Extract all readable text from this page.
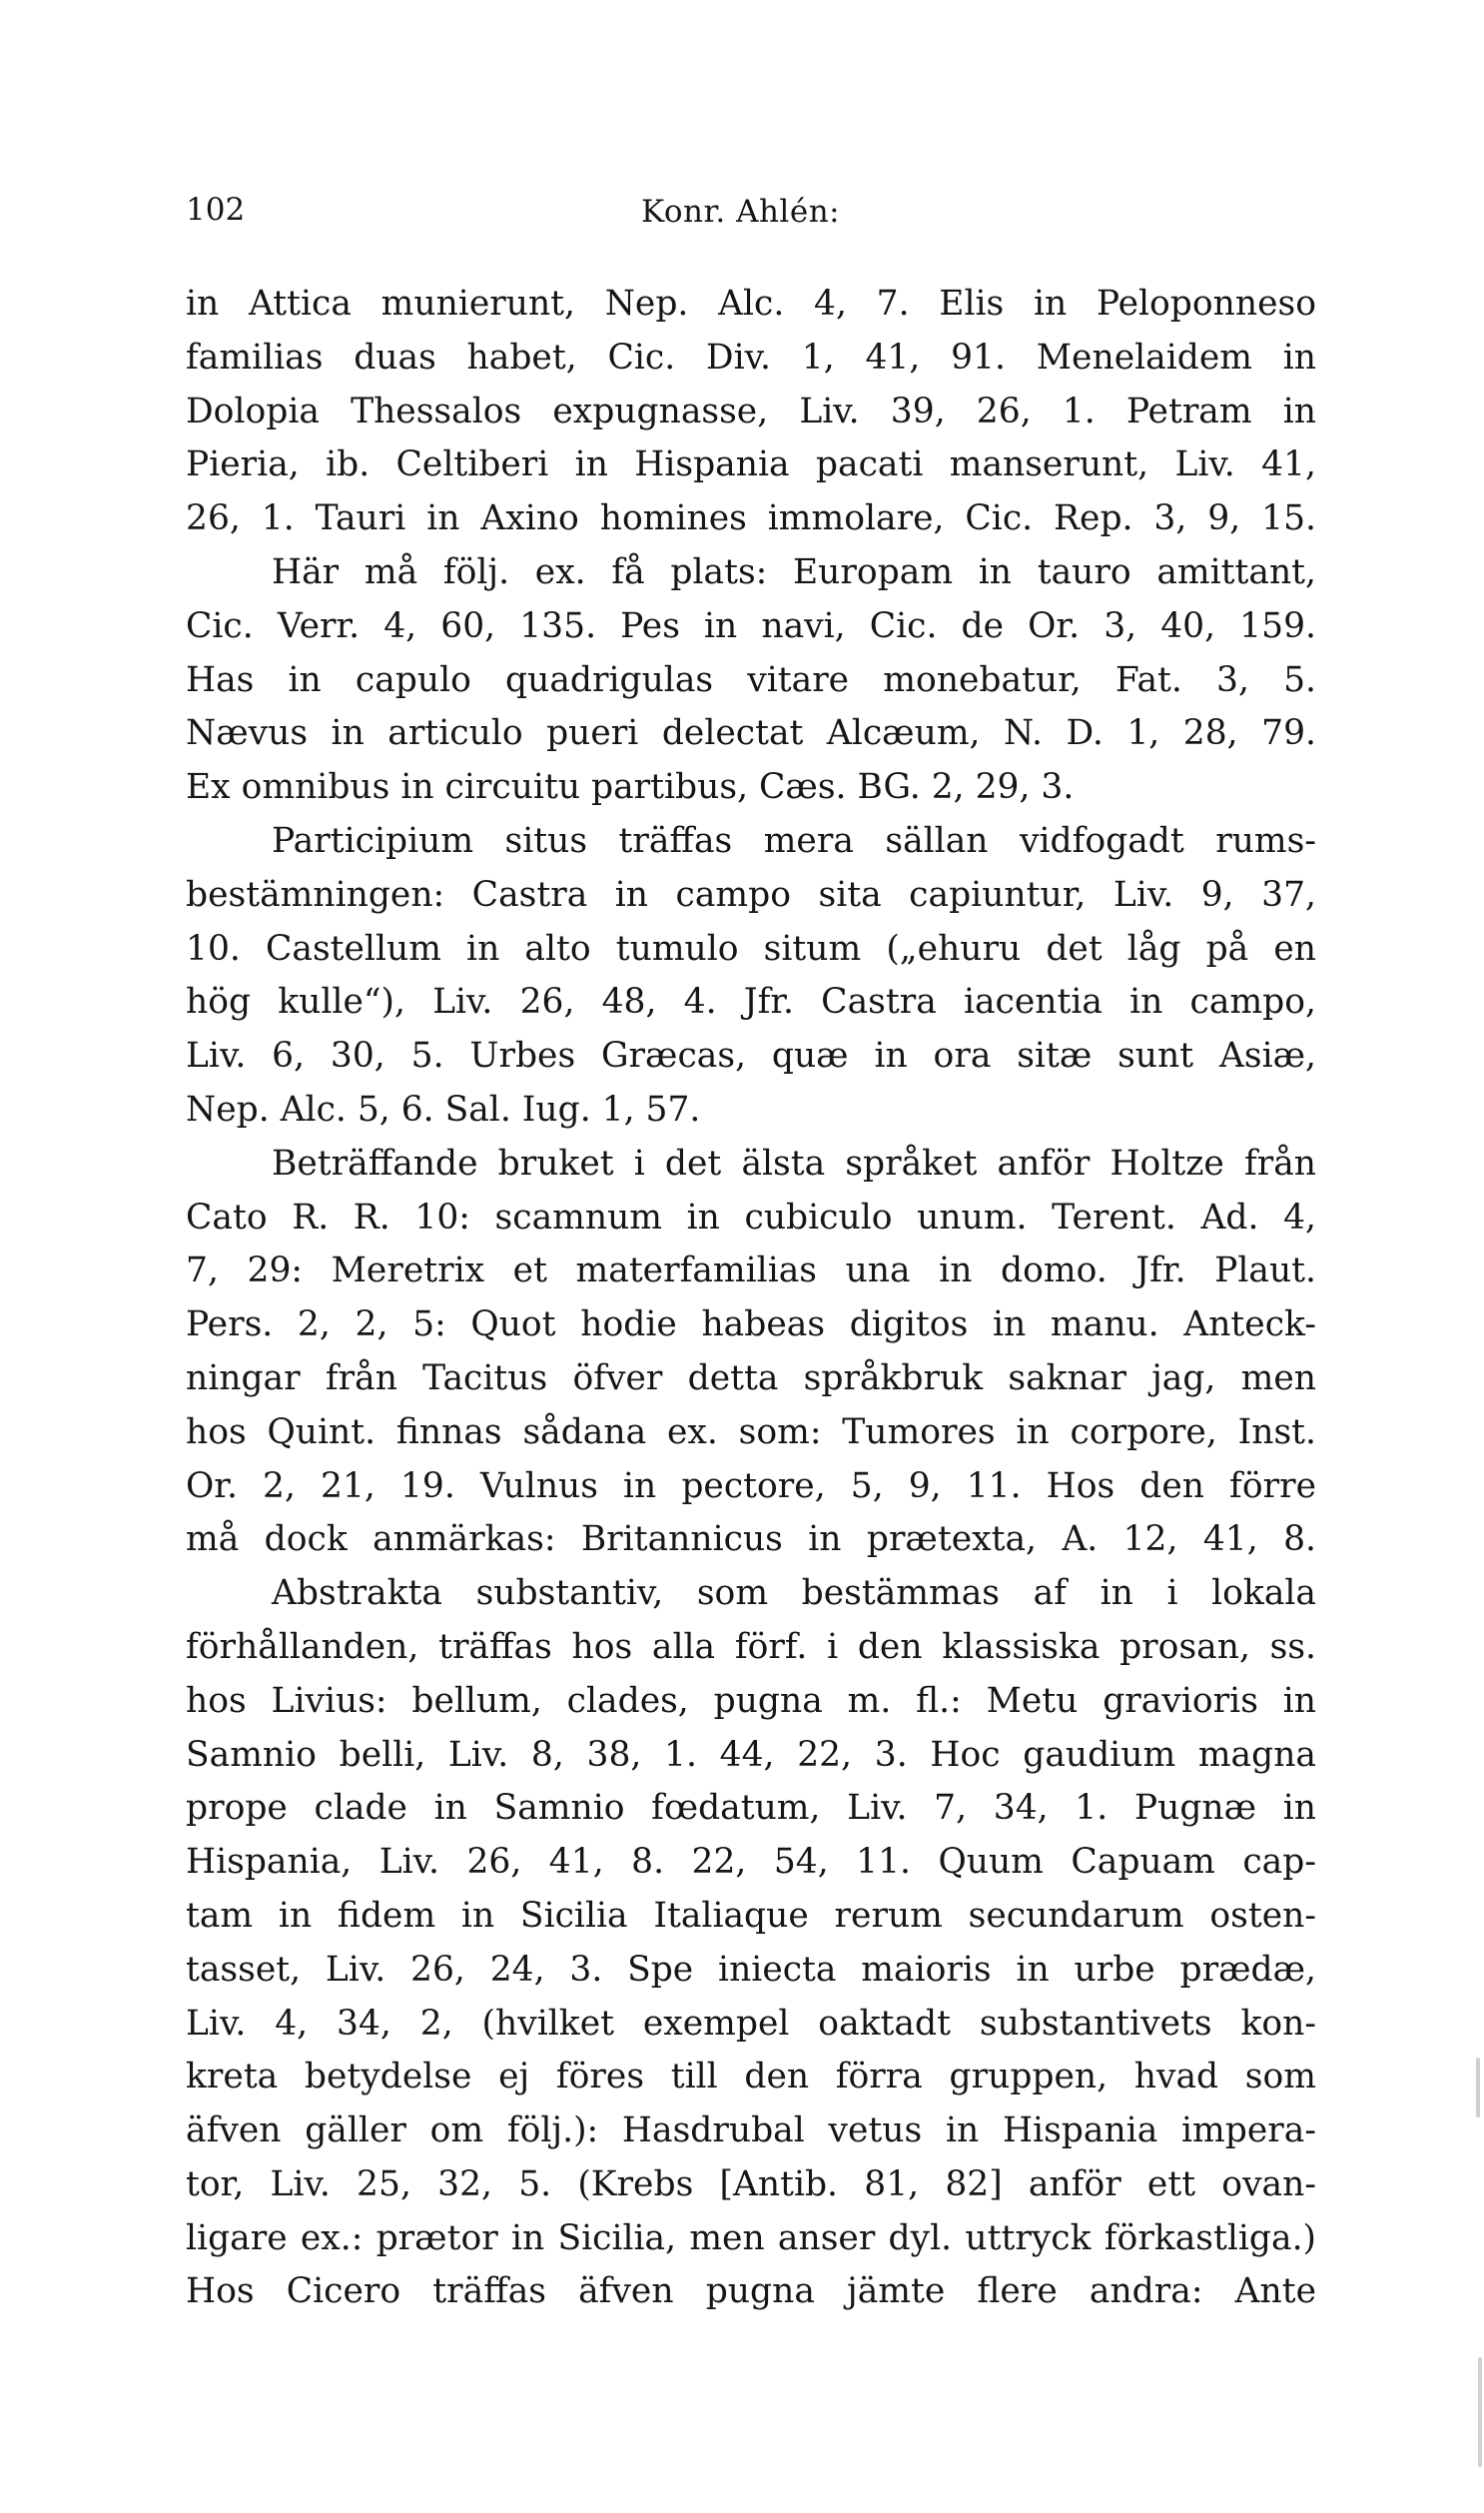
102	Konr. Ahlén:
in Attica munierunt, Nep. Alc. 4, 7. Elis in Peloponneso
familias duas habet, Cic. Div. 1, 41, 91. Menelaidem in
Dolopia Thessalos expugnasse, Liv. 39, 26, 1. Petram in
Pieria, ib. Celtiberi in Hispania pacati manserunt, Liv. 41,
26, 1. Tauri in Axino homines immolare, Cic. Rep. 3, 9, 15.
Här må följ. ex. få plats: Europam in tauro amittant,
Cic. Verr. 4, 60, 135. Pes in navi, Cic. de Or. 3, 40, 159.
Has in capulo quadrigulas vitare monebatur, Fat. 3, 5.
Nævus in articulo pueri delectat Alcæum, N. D. 1, 28, 79.
Ex omnibus in circuitu partibus, Cæs. BG. 2, 29, 3.
Participium situs träffas mera sällan vidfogadt rums-
bestämningen: Castra in campo sita capiuntur, Liv. 9, 37,
10. Castellum in alto tumulo situm („ehuru det låg på en
hög kulle“), Liv. 26, 48, 4. Jfr. Castra iacentia in campo,
Liv. 6, 30, 5. Urbes Græcas, quæ in ora sitæ sunt Asiæ,
Nep. Alc. 5, 6. Sal. Iug. 1, 57.
Beträffande bruket i det älsta språket anför Holtze från
Cato R. R. 10: scamnum in cubiculo unum. Terent. Ad. 4,
7, 29: Meretrix et materfamilias una in domo. Jfr. Plaut.
Pers. 2, 2, 5: Quot hodie habeas digitos in manu. Anteck-
ningar från Tacitus öfver detta språkbruk saknar jag, men
hos Quint. finnas sådana ex. som: Tumores in corpore, Inst.
Or. 2, 21, 19. Vulnus in pectore, 5, 9, 11. Hos den förre
må dock anmärkas: Britannicus in prætexta, A. 12, 41, 8.
Abstrakta substantiv, som bestämmas af in i lokala
förhållanden, träffas hos alla förf. i den klassiska prosan, ss.
hos Livius: bellum, clades, pugna m. fl.: Metu gravioris in
Samnio belli, Liv. 8, 38, 1. 44, 22, 3. Hoc gaudium magna
prope clade in Samnio fœdatum, Liv. 7, 34, 1. Pugnæ in
Hispania, Liv. 26, 41, 8. 22, 54, 11. Quum Capuam cap-
tam in fidem in Sicilia Italiaque rerum secundarum osten-
tasset, Liv. 26, 24, 3. Spe iniecta maioris in urbe prædæ,
Liv. 4, 34, 2, (hvilket exempel oaktadt substantivets kon-
kreta betydelse ej föres till den förra gruppen, hvad som
äfven gäller om följ.): Hasdrubal vetus in Hispania impera-
tor, Liv. 25, 32, 5. (Krebs [Antib. 81, 82] anför ett ovan-
ligare ex.: prætor in Sicilia, men anser dyl. uttryck förkastliga.)
Hos Cicero träffas äfven pugna jämte flere andra: Ante
